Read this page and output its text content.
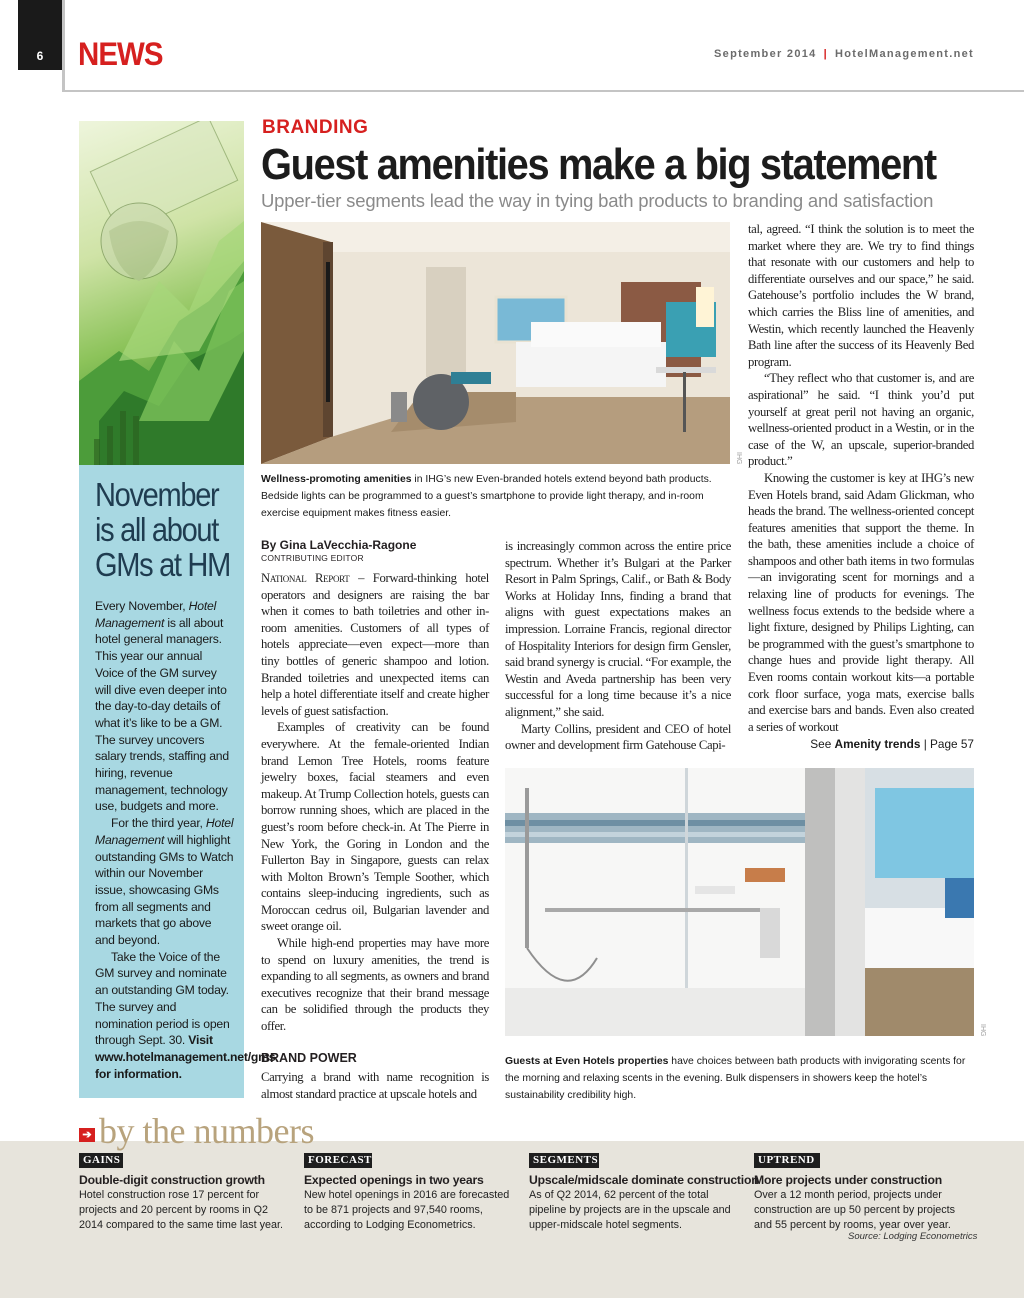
6	NEWS	September 2014 | HotelManagement.net
November
is all about
GMs at HM

Every November, Hotel Management is all about hotel general managers. This year our annual Voice of the GM survey will dive even deeper into the day-to-day details of what it’s like to be a GM. The survey uncovers salary trends, staffing and hiring, revenue management, technology use, budgets and more.

For the third year, Hotel Management will highlight outstanding GMs to Watch within our November issue, showcasing GMs from all segments and markets that go above and beyond.

Take the Voice of the GM survey and nominate an outstanding GM today. The survey and nomination period is open through Sept. 30. Visit www.hotelmanagement.net/gms for information.

BRANDING
Guest amenities make a big statement
Upper-tier segments lead the way in tying bath products to branding and satisfaction
IHG
Wellness-promoting amenities in IHG’s new Even-branded hotels extend beyond bath products. Bedside lights can be programmed to a guest’s smartphone to provide light therapy, and in-room exercise equipment makes fitness easier.
By Gina LaVecchia-Ragone
CONTRIBUTING EDITOR

National Report – Forward-thinking hotel operators and designers are raising the bar when it comes to bath toiletries and other in-room amenities. Customers of all types of hotels appreciate—even expect—more than tiny bottles of generic shampoo and lotion. Branded toiletries and unexpected items can help a hotel differentiate itself and create higher levels of guest satisfaction.

Examples of creativity can be found everywhere. At the female-oriented Indian brand Lemon Tree Hotels, rooms feature jewelry boxes, facial steamers and even makeup. At Trump Collection hotels, guests can borrow running shoes, which are placed in the guest’s room before check-in. At The Pierre in New York, the Goring in London and the Fullerton Bay in Singapore, guests can relax with Molton Brown’s Temple Soother, which contains sleep-inducing ingredients, such as Moroccan cedrus oil, Bulgarian lavender and sweet orange oil.

While high-end properties may have more to spend on luxury amenities, the trend is expanding to all segments, as owners and brand executives recognize that their brand message can be solidified through the products they offer.

BRAND POWER

Carrying a brand with name recognition is almost standard practice at upscale hotels and

is increasingly common across the entire price spectrum. Whether it’s Bulgari at the Parker Resort in Palm Springs, Calif., or Bath & Body Works at Holiday Inns, finding a brand that aligns with guest expectations makes an impression. Lorraine Francis, regional director of Hospitality Interiors for design firm Gensler, said brand synergy is crucial. “For example, the Westin and Aveda partnership has been very successful for a long time because it’s a nice alignment,” she said.

Marty Collins, president and CEO of hotel owner and development firm Gatehouse Capi-

tal, agreed. “I think the solution is to meet the market where they are. We try to find things that resonate with our customers and help to differentiate ourselves and our space,” he said. Gatehouse’s portfolio includes the W brand, which carries the Bliss line of amenities, and Westin, which recently launched the Heavenly Bath line after the success of its Heavenly Bed program.

“They reflect who that customer is, and are aspirational” he said. “I think you’d put yourself at great peril not having an organic, wellness-oriented product in a Westin, or in the case of the W, an upscale, superior-branded product.”

Knowing the customer is key at IHG’s new Even Hotels brand, said Adam Glickman, who heads the brand. The wellness-oriented concept features amenities that support the theme. In the bath, these amenities include a choice of shampoos and other bath items in two formulas—an invigorating scent for mornings and a relaxing line of products for evenings. The wellness focus extends to the bedside where a light fixture, designed by Philips Lighting, can be programmed with the guest’s smartphone to change hues and provide light therapy. All Even rooms contain workout kits—a portable cork floor surface, yoga mats, exercise balls and exercise bars and bands. Even also created a series of workout

See Amenity trends | Page 57
IHG
Guests at Even Hotels properties have choices between bath products with invigorating scents for the morning and relaxing scents in the evening. Bulk dispensers in showers keep the hotel’s sustainability credibility high.
➔ by the numbers
GAINS
Double-digit construction growth
Hotel construction rose 17 percent for projects and 20 percent by rooms in Q2 2014 compared to the same time last year.
FORECAST
Expected openings in two years
New hotel openings in 2016 are forecasted to be 871 projects and 97,540 rooms, according to Lodging Econometrics.
SEGMENTS
Upscale/midscale dominate construction
As of Q2 2014, 62 percent of the total pipeline by projects are in the upscale and upper-midscale hotel segments.
UPTREND
More projects under construction
Over a 12 month period, projects under construction are up 50 percent by projects and 55 percent by rooms, year over year.
Source: Lodging Econometrics
